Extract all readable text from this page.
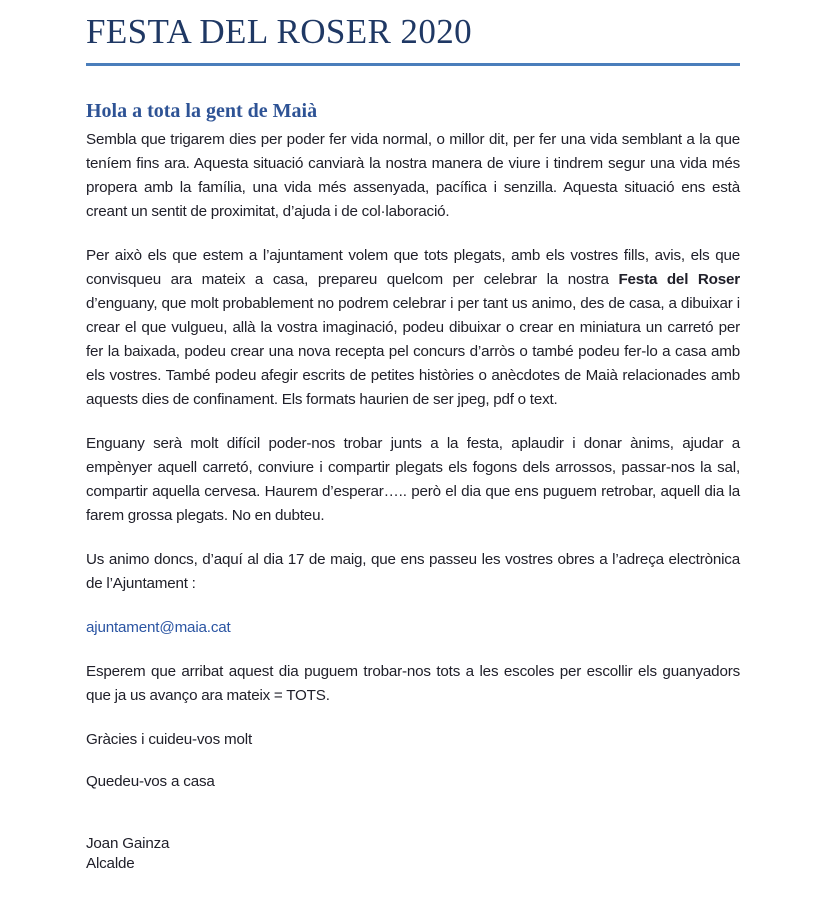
FESTA DEL ROSER 2020
Hola a tota la gent de Maià

Sembla que trigarem dies per poder fer vida normal, o millor dit, per fer una vida semblant a la que teníem fins ara. Aquesta situació canviarà la nostra manera de viure i tindrem segur una vida més propera amb la família, una vida més assenyada, pacífica i senzilla. Aquesta situació ens està creant un sentit de proximitat, d’ajuda i de col·laboració.

Per això els que estem a l’ajuntament volem que tots plegats, amb els vostres fills, avis, els que convisqueu ara mateix a casa, prepareu quelcom per celebrar la nostra Festa del Roser d’enguany, que molt probablement no podrem celebrar i per tant us animo, des de casa, a dibuixar i crear el que vulgueu, allà la vostra imaginació, podeu dibuixar o crear en miniatura un carretó per fer la baixada, podeu crear una nova recepta pel concurs d’arròs o també podeu fer-lo a casa amb els vostres. També podeu afegir escrits de petites històries o anècdotes de Maià relacionades amb aquests dies de confinament. Els formats haurien de ser jpeg, pdf o text.

Enguany serà molt difícil poder-nos trobar junts a la festa, aplaudir i donar ànims, ajudar a empènyer aquell carretó, conviure i compartir plegats els fogons dels arrossos, passar-nos la sal, compartir aquella cervesa. Haurem d’esperar….. però el dia que ens puguem retrobar, aquell dia la farem grossa plegats. No en dubteu.

Us animo doncs, d’aquí al dia 17 de maig, que ens passeu les vostres obres a l’adreça electrònica de l’Ajuntament :

ajuntament@maia.cat

Esperem que arribat aquest dia puguem trobar-nos tots a les escoles per escollir els guanyadors que ja us avanço ara mateix = TOTS.

Gràcies i cuideu-vos molt

Quedeu-vos a casa

Joan Gainza
Alcalde
